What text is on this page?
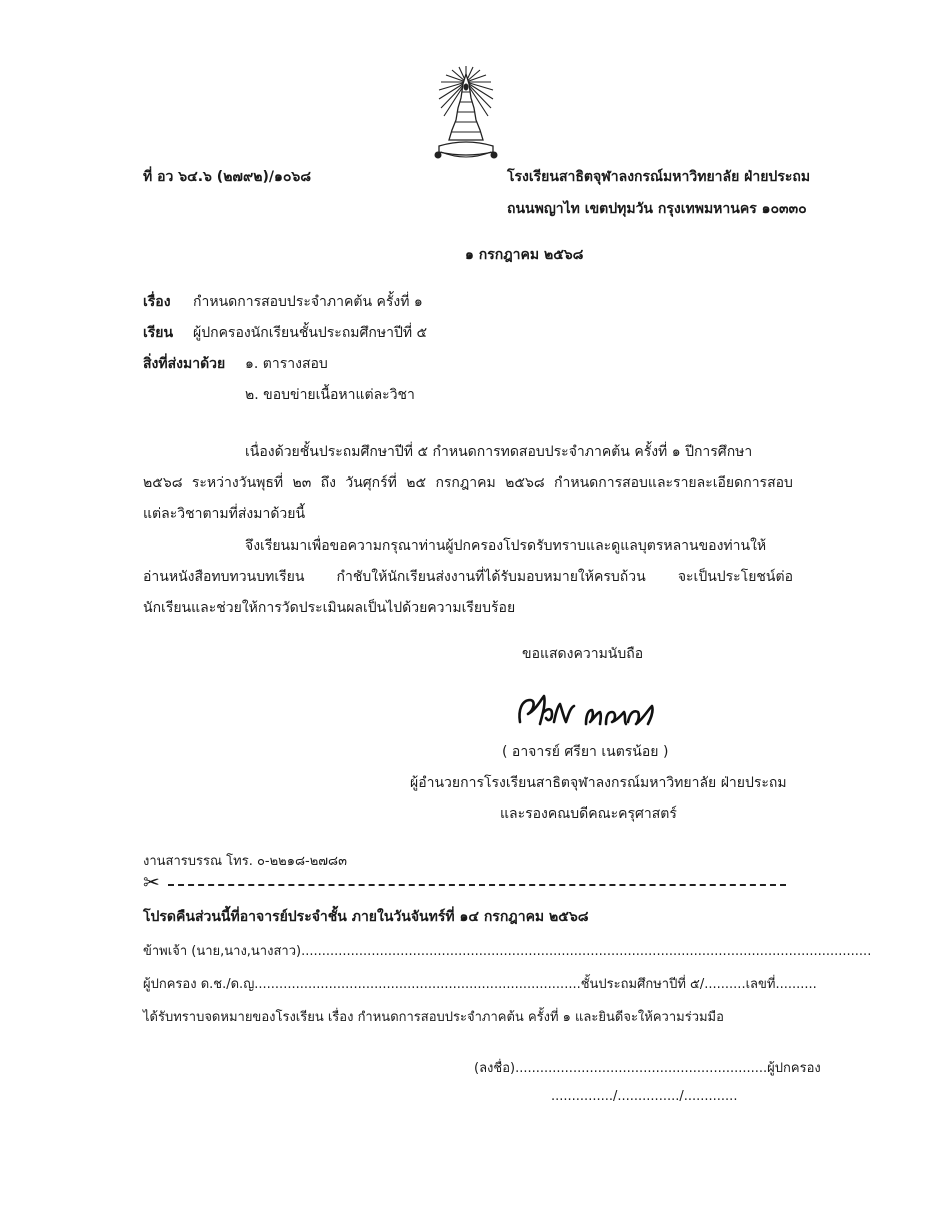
ที่ อว ๖๔.๖ (๒๗๙๒)/๑๐๖๘	โรงเรียนสาธิตจุฬาลงกรณ์มหาวิทยาลัย ฝ่ายประถม
ถนนพญาไท เขตปทุมวัน กรุงเทพมหานคร ๑๐๓๓๐
๑ กรกฎาคม ๒๕๖๘
เรื่อง กำหนดการสอบประจำภาคต้น ครั้งที่ ๑
เรียน ผู้ปกครองนักเรียนชั้นประถมศึกษาปีที่ ๕
สิ่งที่ส่งมาด้วย ๑. ตารางสอบ
๒. ขอบข่ายเนื้อหาแต่ละวิชา
เนื่องด้วยชั้นประถมศึกษาปีที่ ๕ กำหนดการทดสอบประจำภาคต้น ครั้งที่ ๑ ปีการศึกษา
๒๕๖๘ ระหว่างวันพุธที่ ๒๓ ถึง วันศุกร์ที่ ๒๕ กรกฎาคม ๒๕๖๘ กำหนดการสอบและรายละเอียดการสอบ
แต่ละวิชาตามที่ส่งมาด้วยนี้
จึงเรียนมาเพื่อขอความกรุณาท่านผู้ปกครองโปรดรับทราบและดูแลบุตรหลานของท่านให้
อ่านหนังสือทบทวนบทเรียน กำชับให้นักเรียนส่งงานที่ได้รับมอบหมายให้ครบถ้วน จะเป็นประโยชน์ต่อ
นักเรียนและช่วยให้การวัดประเมินผลเป็นไปด้วยความเรียบร้อย
ขอแสดงความนับถือ
( อาจารย์ ศรียา เนตรน้อย )
ผู้อำนวยการโรงเรียนสาธิตจุฬาลงกรณ์มหาวิทยาลัย ฝ่ายประถม
และรองคณบดีคณะครุศาสตร์
งานสารบรรณ โทร. ๐-๒๒๑๘-๒๗๘๓
✂
โปรดคืนส่วนนี้ที่อาจารย์ประจำชั้น ภายในวันจันทร์ที่ ๑๔ กรกฎาคม ๒๕๖๘
ข้าพเจ้า (นาย,นาง,นางสาว)..........................................................................................................................................
ผู้ปกครอง ด.ช./ด.ญ...............................................................................ชั้นประถมศึกษาปีที่ ๕/..........เลขที่..........
ได้รับทราบจดหมายของโรงเรียน เรื่อง กำหนดการสอบประจำภาคต้น ครั้งที่ ๑ และยินดีจะให้ความร่วมมือ
(ลงชื่อ).............................................................ผู้ปกครอง
.............../.............../.............
